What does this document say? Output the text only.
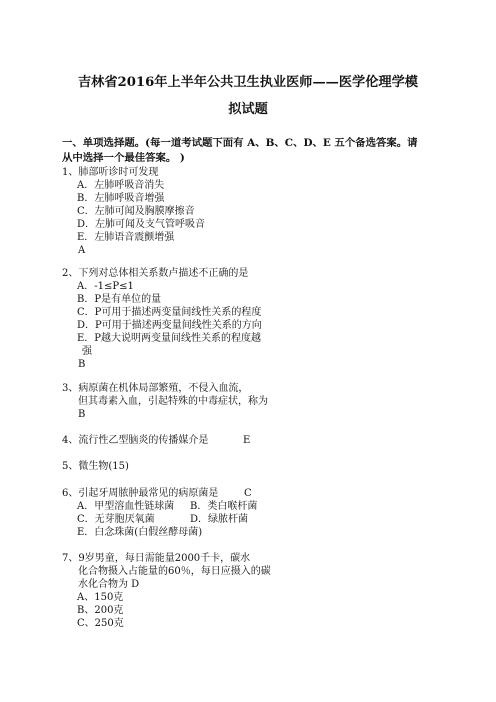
吉林省2016年上半年公共卫生执业医师——医学伦理学模
拟试题
一、单项选择题。(每一道考试题下面有 A、B、C、D、E 五个备选答案。请
从中选择一个最佳答案。 )
1、肺部听诊时可发现
A．左肺呼吸音消失
B．左肺呼吸音增强
C．左肺可闻及胸膜摩擦音
D．左肺可闻及支气管呼吸音
E．左肺语音震颤增强
A
2、下列对总体相关系数卢描述不正确的是
A．-1≤P≤1
B．P是有单位的量
C．P可用于描述两变量间线性关系的程度
D．P可用于描述两变量间线性关系的方向
E．P越大说明两变量间线性关系的程度越
强
B
3、病原菌在机体局部繁殖，不侵入血流，
但其毒素入血，引起特殊的中毒症状，称为
B
4、流行性乙型脑炎的传播媒介是	E
5、微生物(15)
6、引起牙周脓肿最常见的病原菌是	C
A．甲型溶血性链球菌 B．类白喉杆菌
C．无芽胞厌氧菌	D．绿脓杆菌
E．白念珠菌(白假丝酵母菌)
7、9岁男童，每日需能量2000千卡，碳水
化合物摄入占能量的60％，每日应摄入的碳
水化合物为 D
A、150克
B、200克
C、250克
